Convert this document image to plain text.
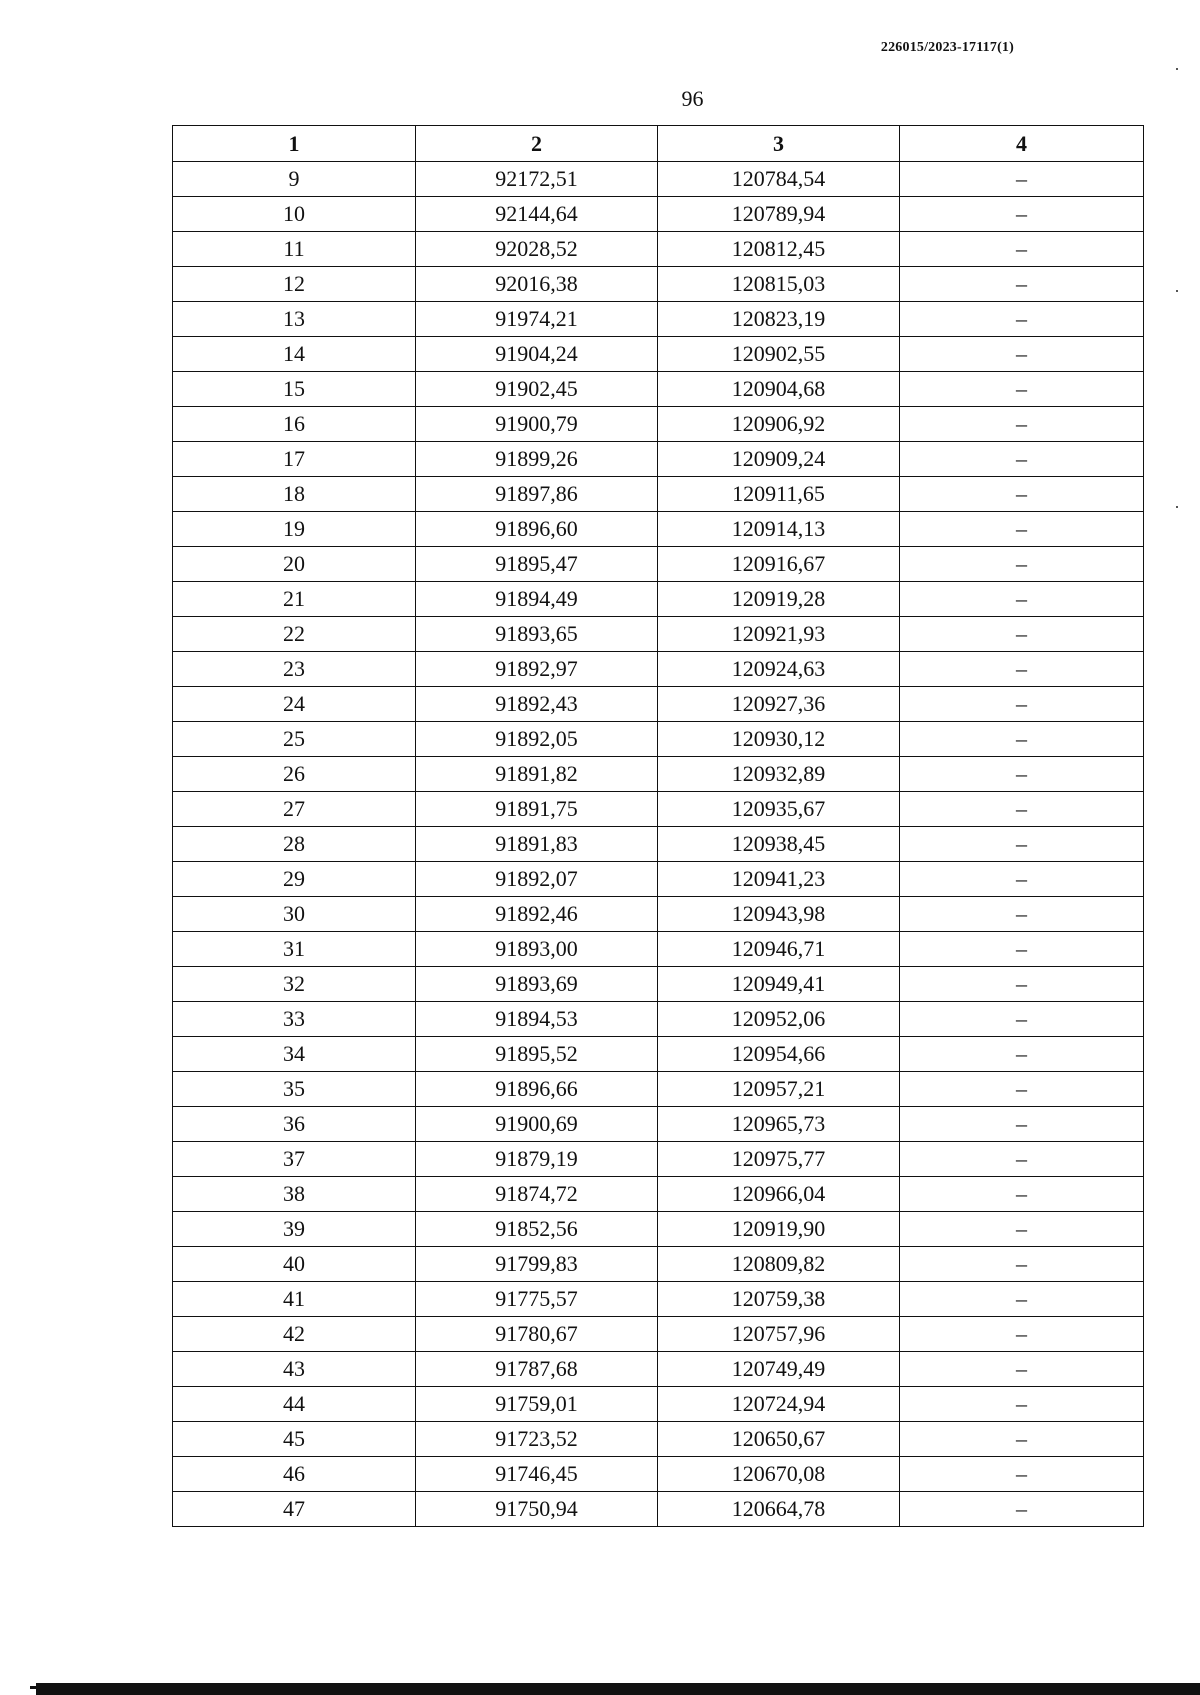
226015/2023-17117(1)
96
1	2	3	4
9	92172,51	120784,54	–
10	92144,64	120789,94	–
11	92028,52	120812,45	–
12	92016,38	120815,03	–
13	91974,21	120823,19	–
14	91904,24	120902,55	–
15	91902,45	120904,68	–
16	91900,79	120906,92	–
17	91899,26	120909,24	–
18	91897,86	120911,65	–
19	91896,60	120914,13	–
20	91895,47	120916,67	–
21	91894,49	120919,28	–
22	91893,65	120921,93	–
23	91892,97	120924,63	–
24	91892,43	120927,36	–
25	91892,05	120930,12	–
26	91891,82	120932,89	–
27	91891,75	120935,67	–
28	91891,83	120938,45	–
29	91892,07	120941,23	–
30	91892,46	120943,98	–
31	91893,00	120946,71	–
32	91893,69	120949,41	–
33	91894,53	120952,06	–
34	91895,52	120954,66	–
35	91896,66	120957,21	–
36	91900,69	120965,73	–
37	91879,19	120975,77	–
38	91874,72	120966,04	–
39	91852,56	120919,90	–
40	91799,83	120809,82	–
41	91775,57	120759,38	–
42	91780,67	120757,96	–
43	91787,68	120749,49	–
44	91759,01	120724,94	–
45	91723,52	120650,67	–
46	91746,45	120670,08	–
47	91750,94	120664,78	–
